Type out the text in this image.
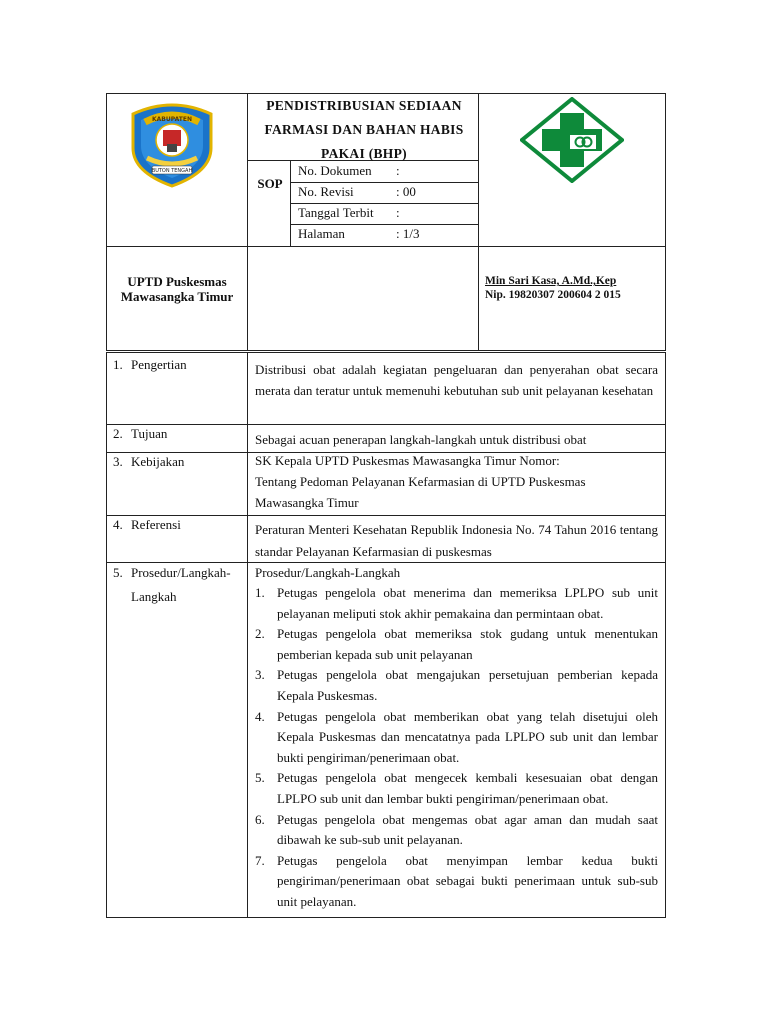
KABUPATEN
BUTON TENGAH
PENDISTRIBUSIAN SEDIAAN FARMASI DAN BAHAN HABIS PAKAI (BHP)
SOP
No. Dokumen :
No. Revisi	: 00
Tanggal Terbit :
Halaman	: 1/3
UPTD Puskesmas
Mawasangka Timur
Min Sari Kasa, A.Md.,Kep
Nip. 19820307 200604 2 015
1. Pengertian
2. Tujuan
3. Kebijakan
4. Referensi
5. Prosedur/Langkah-
Langkah
Distribusi obat adalah kegiatan pengeluaran dan penyerahan obat secara merata dan teratur untuk memenuhi kebutuhan sub unit pelayanan kesehatan
Sebagai acuan penerapan langkah-langkah untuk distribusi obat
SK Kepala UPTD Puskesmas Mawasangka Timur Nomor:
Tentang Pedoman Pelayanan Kefarmasian di UPTD Puskesmas Mawasangka Timur
Peraturan Menteri Kesehatan Republik Indonesia No. 74 Tahun 2016 tentang standar Pelayanan Kefarmasian di puskesmas
Prosedur/Langkah-Langkah
1. Petugas pengelola obat menerima dan memeriksa LPLPO sub unit pelayanan meliputi stok akhir pemakaina dan permintaan obat.
2. Petugas pengelola obat memeriksa stok gudang untuk menentukan pemberian kepada sub unit pelayanan
3. Petugas pengelola obat mengajukan persetujuan pemberian kepada Kepala Puskesmas.
4. Petugas pengelola obat memberikan obat yang telah disetujui oleh Kepala Puskesmas dan mencatatnya pada LPLPO sub unit dan lembar bukti pengiriman/penerimaan obat.
5. Petugas pengelola obat mengecek kembali kesesuaian obat dengan LPLPO sub unit dan lembar bukti pengiriman/penerimaan obat.
6. Petugas pengelola obat mengemas obat agar aman dan mudah saat dibawah ke sub-sub unit pelayanan.
7. Petugas pengelola obat menyimpan lembar kedua bukti pengiriman/penerimaan obat sebagai bukti penerimaan untuk sub-sub unit pelayanan.
